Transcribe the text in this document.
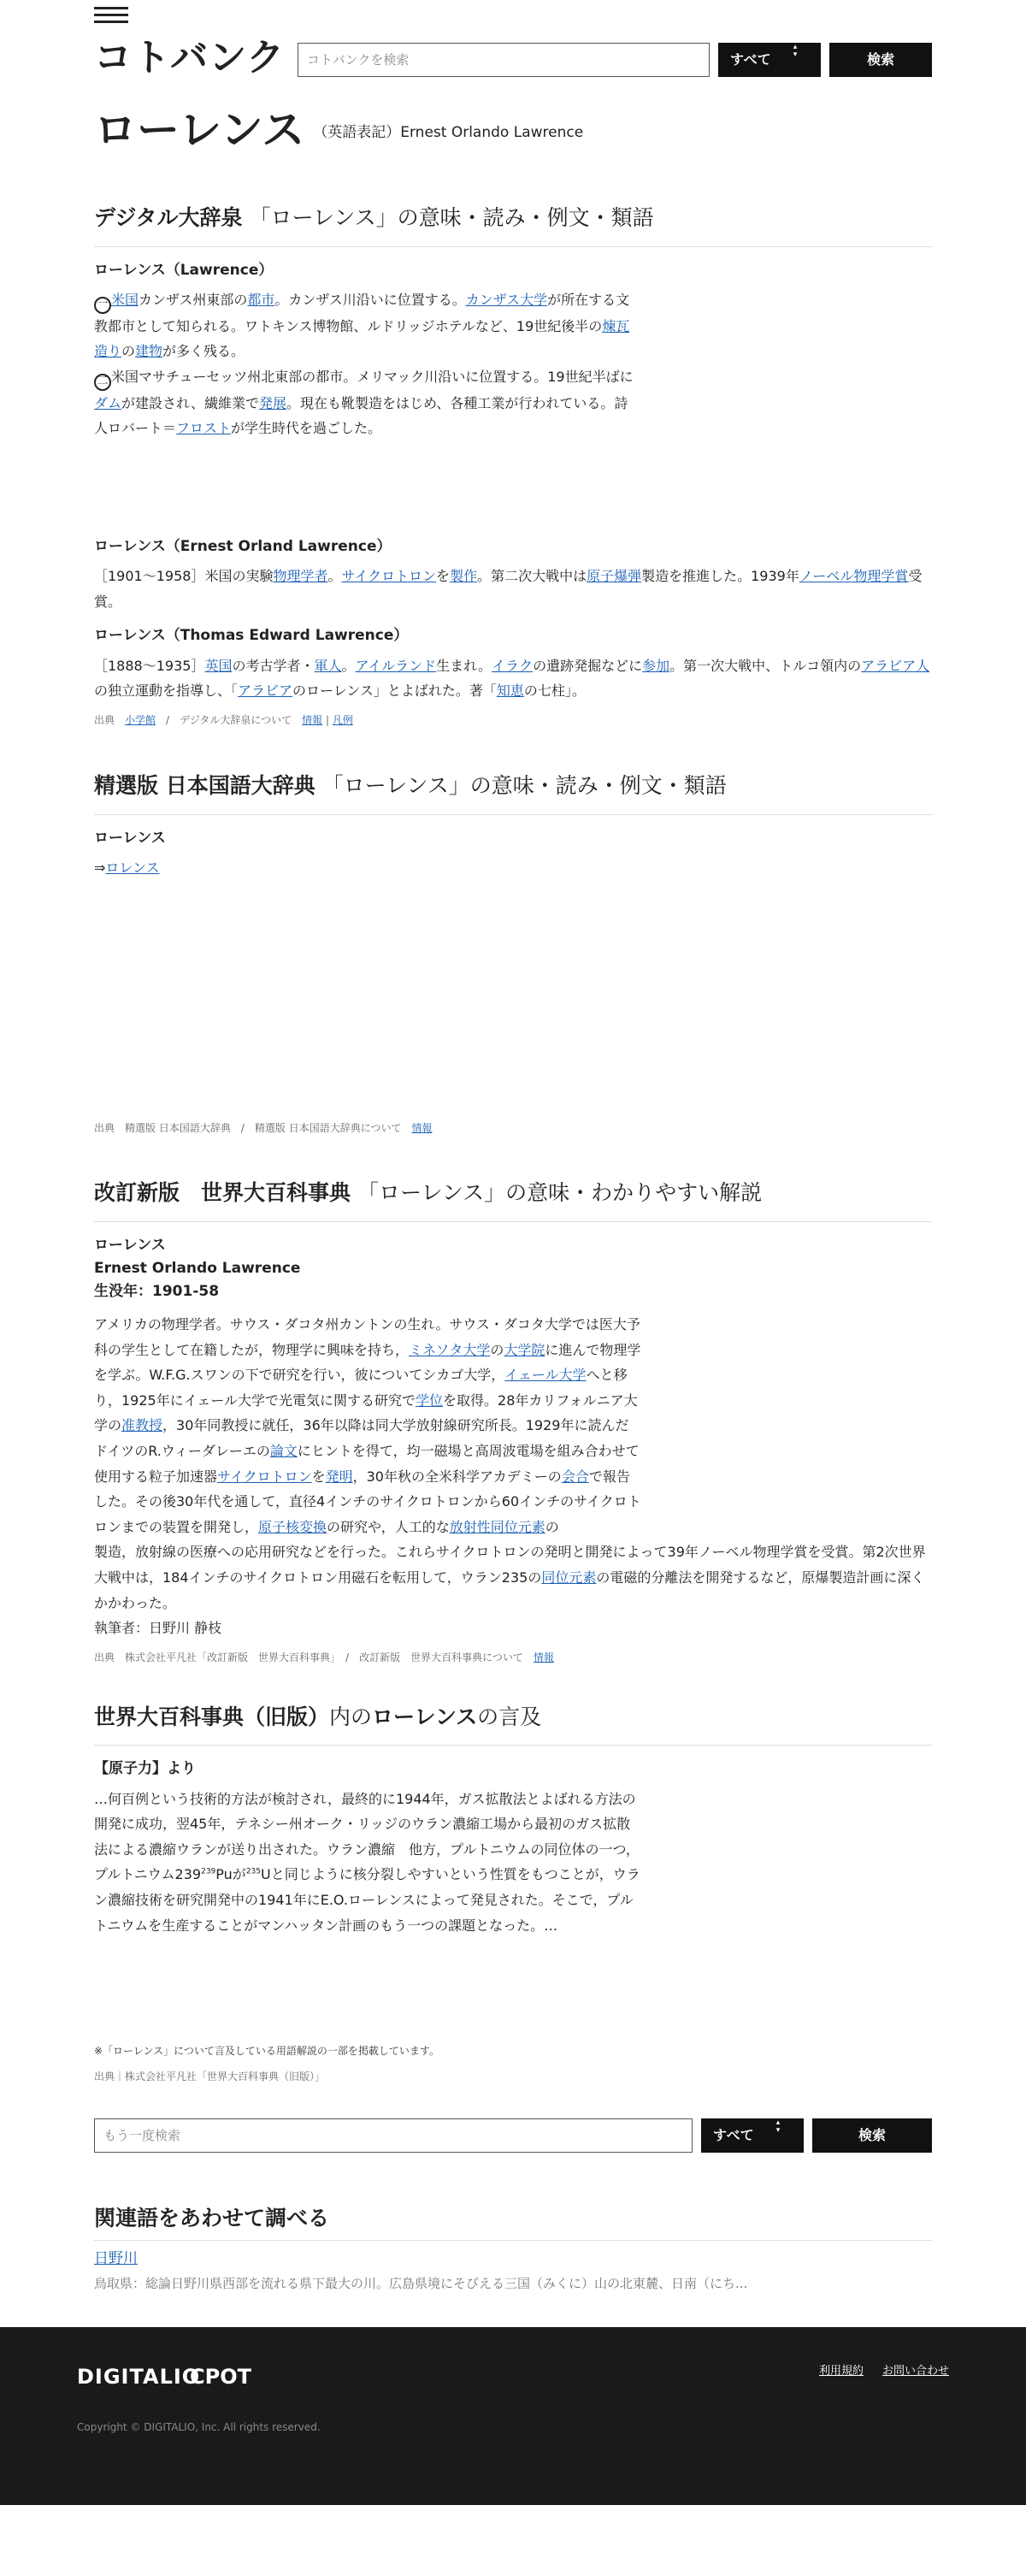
コトバンク	コトバンクを検索	すべて ▴▾	検索
ローレンス （英語表記）Ernest Orlando Lawrence
デジタル大辞泉 「ローレンス」の意味・読み・例文・類語
ローレンス（Lawrence）

一 米国カンザス州東部の都市。カンザス川沿いに位置する。カンザス大学が所在する文教都市として知られる。ワトキンス博物館、ルドリッジホテルなど、19世紀後半の煉瓦造りの建物が多く残る。

二 米国マサチューセッツ州北東部の都市。メリマック川沿いに位置する。19世紀半ばにダムが建設され、繊維業で発展。現在も靴製造をはじめ、各種工業が行われている。詩人ロバート＝フロストが学生時代を過ごした。

ローレンス（Ernest Orland Lawrence）

［1901～1958］米国の実験物理学者。サイクロトロンを製作。第二次大戦中は原子爆弾製造を推進した。1939年ノーベル物理学賞受賞。

ローレンス（Thomas Edward Lawrence）

［1888～1935］英国の考古学者・軍人。アイルランド生まれ。イラクの遺跡発掘などに参加。第一次大戦中、トルコ領内のアラビア人の独立運動を指導し、「アラビアのローレンス」とよばれた。著「知恵の七柱」。

出典　 小学館　/　デジタル大辞泉について　 情報 | 凡例

精選版 日本国語大辞典 「ローレンス」の意味・読み・例文・類語
ローレンス

⇒ロレンス

出典　 精選版 日本国語大辞典　/　精選版 日本国語大辞典について　 情報

改訂新版　世界大百科事典 「ローレンス」の意味・わかりやすい解説
ローレンス
Ernest Orlando Lawrence
生没年：1901-58

アメリカの物理学者。サウス・ダコタ州カントンの生れ。サウス・ダコタ大学では医大予科の学生として在籍したが，物理学に興味を持ち，ミネソタ大学の大学院に進んで物理学を学ぶ。W.F.G.スワンの下で研究を行い，彼についてシカゴ大学，イェール大学へと移り，1925年にイェール大学で光電気に関する研究で学位を取得。28年カリフォルニア大学の准教授，30年同教授に就任，36年以降は同大学放射線研究所長。1929年に読んだドイツのR.ウィーダレーエの論文にヒントを得て，均一磁場と高周波電場を組み合わせて使用する粒子加速器サイクロトロンを発明，30年秋の全米科学アカデミーの会合で報告した。その後30年代を通して，直径4インチのサイクロトロンから60インチのサイクロトロンまでの装置を開発し，原子核変換の研究や，人工的な放射性同位元素の

製造，放射線の医療への応用研究などを行った。これらサイクロトロンの発明と開発によって39年ノーベル物理学賞を受賞。第2次世界大戦中は，184インチのサイクロトロン用磁石を転用して，ウラン235の同位元素の電磁的分離法を開発するなど，原爆製造計画に深くかかわった。

執筆者：日野川 静枝

出典　 株式会社平凡社「改訂新版　世界大百科事典」　/　改訂新版　世界大百科事典について　 情報

世界大百科事典（旧版）内のローレンスの言及
【原子力】より

…何百例という技術的方法が検討され，最終的に1944年，ガス拡散法とよばれる方法の開発に成功，翌45年，テネシー州オーク・リッジのウラン濃縮工場から最初のガス拡散法による濃縮ウランが送り出された。ウラン濃縮　他方，プルトニウムの同位体の一つ，プルトニウム$239^{239}Pu$が$^{235}$Uと同じように核分裂しやすいという性質をもつことが，ウラン濃縮技術を研究開発中の1941年にE.O.ローレンスによって発見された。そこで，プルトニウムを生産することがマンハッタン計画のもう一つの課題となった。…

※「ローレンス」について言及している用語解説の一部を掲載しています。

出典｜株式会社平凡社「世界大百科事典（旧版）」

もう一度検索	すべて ▴▾	検索
関連語をあわせて調べる
日野川

鳥取県：総論日野川県西部を流れる県下最大の川。広島県境にそびえる三国（みくに）山の北東麓、日南（にち...

DIGITALIO
CPOT	利用規約 お問い合わせ
Copyright © DIGITALIO, Inc. All rights reserved.
